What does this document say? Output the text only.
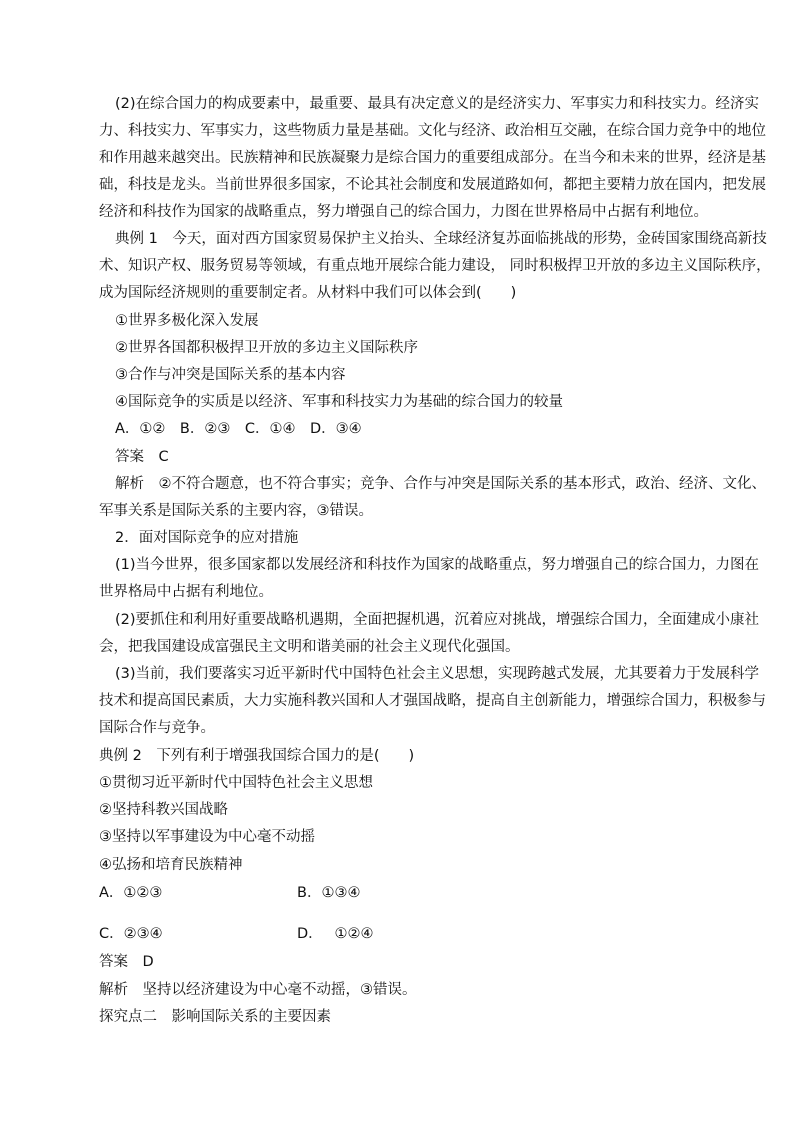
(2)在综合国力的构成要素中，最重要、最具有决定意义的是经济实力、军事实力和科技实力。经济实
力、科技实力、军事实力，这些物质力量是基础。文化与经济、政治相互交融，在综合国力竞争中的地位
和作用越来越突出。民族精神和民族凝聚力是综合国力的重要组成部分。在当今和未来的世界，经济是基
础，科技是龙头。当前世界很多国家，不论其社会制度和发展道路如何，都把主要精力放在国内，把发展
经济和科技作为国家的战略重点，努力增强自己的综合国力，力图在世界格局中占据有利地位。
典例 1　今天，面对西方国家贸易保护主义抬头、全球经济复苏面临挑战的形势，金砖国家围绕高新技
术、知识产权、服务贸易等领域，有重点地开展综合能力建设， 同时积极捍卫开放的多边主义国际秩序，
成为国际经济规则的重要制定者。从材料中我们可以体会到(　　)
①世界多极化深入发展
②世界各国都积极捍卫开放的多边主义国际秩序
③合作与冲突是国际关系的基本内容
④国际竞争的实质是以经济、军事和科技实力为基础的综合国力的较量
A．①②　B．②③　C．①④　D．③④
答案　C
解析　②不符合题意，也不符合事实；竞争、合作与冲突是国际关系的基本形式，政治、经济、文化、
军事关系是国际关系的主要内容，③错误。
2．面对国际竞争的应对措施
(1)当今世界，很多国家都以发展经济和科技作为国家的战略重点，努力增强自己的综合国力，力图在
世界格局中占据有利地位。
(2)要抓住和利用好重要战略机遇期，全面把握机遇，沉着应对挑战，增强综合国力，全面建成小康社
会，把我国建设成富强民主文明和谐美丽的社会主义现代化强国。
(3)当前，我们要落实习近平新时代中国特色社会主义思想，实现跨越式发展，尤其要着力于发展科学
技术和提高国民素质，大力实施科教兴国和人才强国战略，提高自主创新能力，增强综合国力，积极参与
国际合作与竞争。
典例 2　下列有利于增强我国综合国力的是(　　)
①贯彻习近平新时代中国特色社会主义思想
②坚持科教兴国战略
③坚持以军事建设为中心毫不动摇
④弘扬和培育民族精神
A．①②③	B．①③④
C．②③④	D．　 ①②④
答案　D
解析　坚持以经济建设为中心毫不动摇，③错误。
探究点二　影响国际关系的主要因素
